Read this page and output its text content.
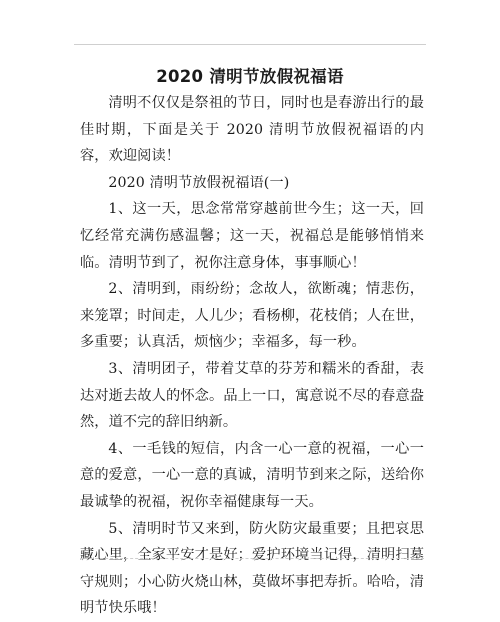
2020 清明节放假祝福语

清明不仅仅是祭祖的节日，同时也是春游出行的最佳时期，下面是关于 2020 清明节放假祝福语的内容，欢迎阅读！

2020 清明节放假祝福语(一)

1、这一天，思念常常穿越前世今生；这一天，回忆经常充满伤感温馨；这一天，祝福总是能够悄悄来临。清明节到了，祝你注意身体，事事顺心！

2、清明到，雨纷纷；念故人，欲断魂；情悲伤，来笼罩；时间走，人儿少；看杨柳，花枝俏；人在世，多重要；认真活，烦恼少；幸福多，每一秒。

3、清明团子，带着艾草的芬芳和糯米的香甜，表达对逝去故人的怀念。品上一口，寓意说不尽的春意盎然，道不完的辞旧纳新。

4、一毛钱的短信，内含一心一意的祝福，一心一意的爱意，一心一意的真诚，清明节到来之际，送给你最诚挚的祝福，祝你幸福健康每一天。

5、清明时节又来到，防火防灾最重要；且把哀思藏心里，全家平安才是好；爱护环境当记得，清明扫墓守规则；小心防火烧山林，莫做坏事把寿折。哈哈，清明节快乐哦！
